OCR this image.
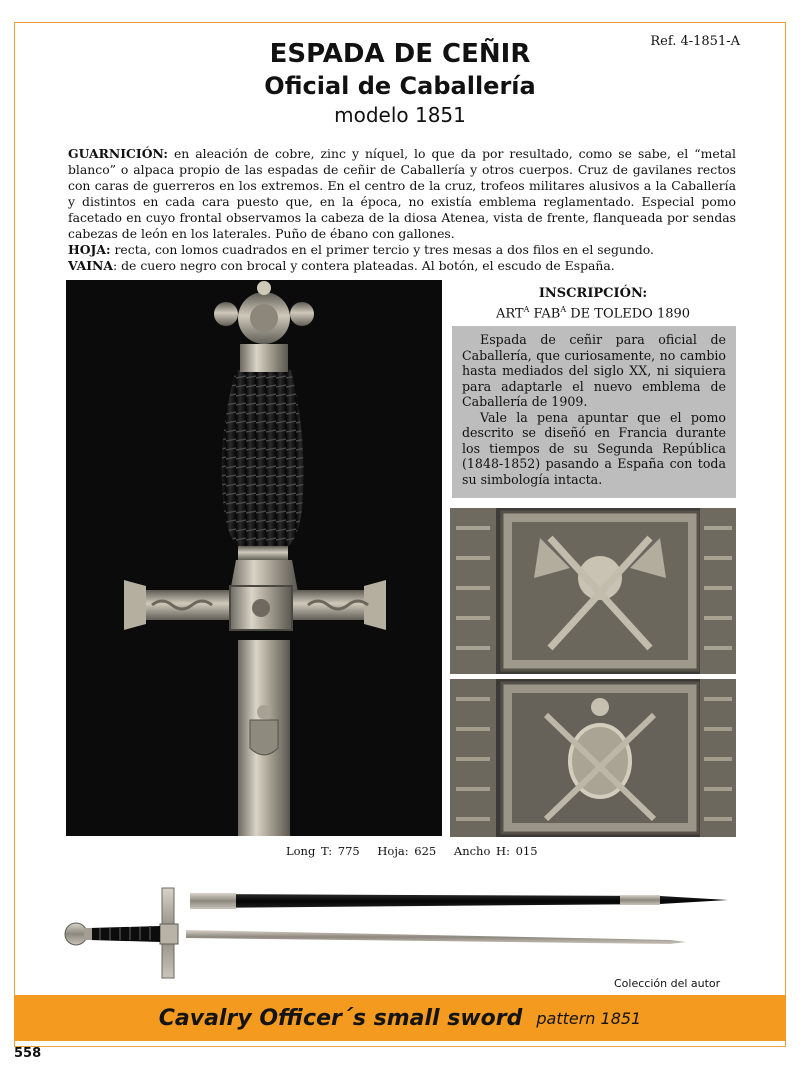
Ref. 4-1851-A
ESPADA DE CEÑIR
Oficial de Caballería
modelo 1851

GUARNICIÓN: en aleación de cobre, zinc y níquel, lo que da por resultado, como se sabe, el “metal blanco” o alpaca propio de las espadas de ceñir de Caballería y otros cuerpos. Cruz de gavilanes rectos con caras de guerreros en los extremos. En el centro de la cruz, trofeos militares alusivos a la Caballería y distintos en cada cara puesto que, en la época, no existía emblema reglamentado. Especial pomo facetado en cuyo frontal observamos la cabeza de la diosa Atenea, vista de frente, flanqueada por sendas cabezas de león en los laterales. Puño de ébano con gallones.

HOJA: recta, con lomos cuadrados en el primer tercio y tres mesas a dos filos en el segundo.

VAINA: de cuero negro con brocal y contera plateadas. Al botón, el escudo de España.

INSCRIPCIÓN:
$ART^A$ $FAB^A$ DE TOLEDO 1890

Espada de ceñir para oficial de Caballería, que curiosamente, no cambio hasta mediados del siglo XX, ni siquiera para adaptarle el nuevo emblema de Caballería de 1909.

Vale la pena apuntar que el pomo descrito se diseñó en Francia durante los tiempos de su Segunda República (1848-1852) pasando a España con toda su simbología intacta.

Long T: 775 Hoja: 625 Ancho H: 015
Colección del autor
Cavalry Officer´s small sword pattern 1851
558
